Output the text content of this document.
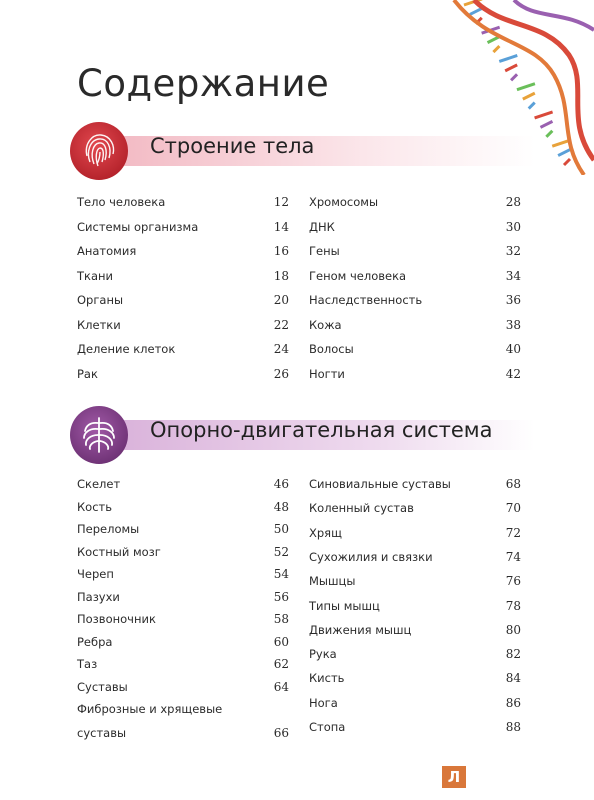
Содержание
Строение тела
Тело человека	12
Системы организма	14
Анатомия	16
Ткани	18
Органы	20
Клетки	22
Деление клеток	24
Рак	26
Хромосомы	28
ДНК	30
Гены	32
Геном человека	34
Наследственность	36
Кожа	38
Волосы	40
Ногти	42
Опорно-двигательная система
Скелет	46
Кость	48
Переломы	50
Костный мозг	52
Череп	54
Пазухи	56
Позвоночник	58
Ребра	60
Таз	62
Суставы	64
Фиброзные и хрящевые
суставы	66
Синовиальные суставы	68
Коленный сустав	70
Хрящ	72
Сухожилия и связки	74
Мышцы	76
Типы мышц	78
Движения мышц	80
Рука	82
Кисть	84
Нога	86
Стопа	88
Л
